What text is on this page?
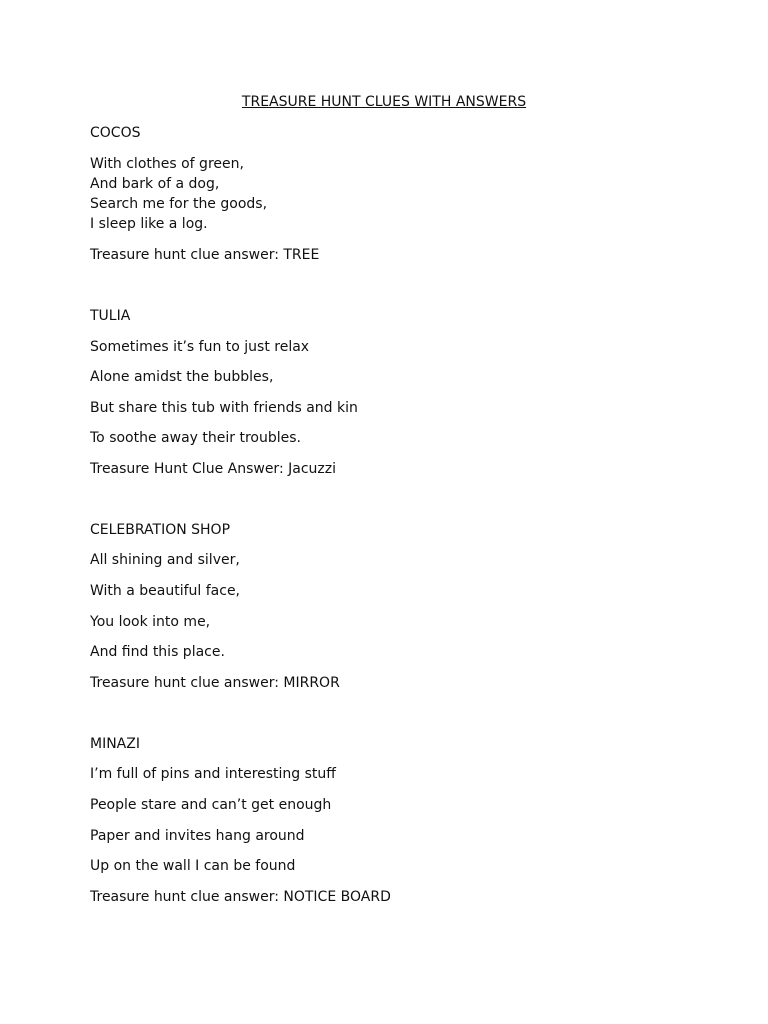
TREASURE HUNT CLUES WITH ANSWERS

COCOS

With clothes of green,

And bark of a dog,

Search me for the goods,

I sleep like a log.

Treasure hunt clue answer: TREE

TULIA

Sometimes it’s fun to just relax

Alone amidst the bubbles,

But share this tub with friends and kin

To soothe away their troubles.

Treasure Hunt Clue Answer: Jacuzzi

CELEBRATION SHOP

All shining and silver,

With a beautiful face,

You look into me,

And find this place.

Treasure hunt clue answer: MIRROR

MINAZI

I’m full of pins and interesting stuff

People stare and can’t get enough

Paper and invites hang around

Up on the wall I can be found

Treasure hunt clue answer: NOTICE BOARD
